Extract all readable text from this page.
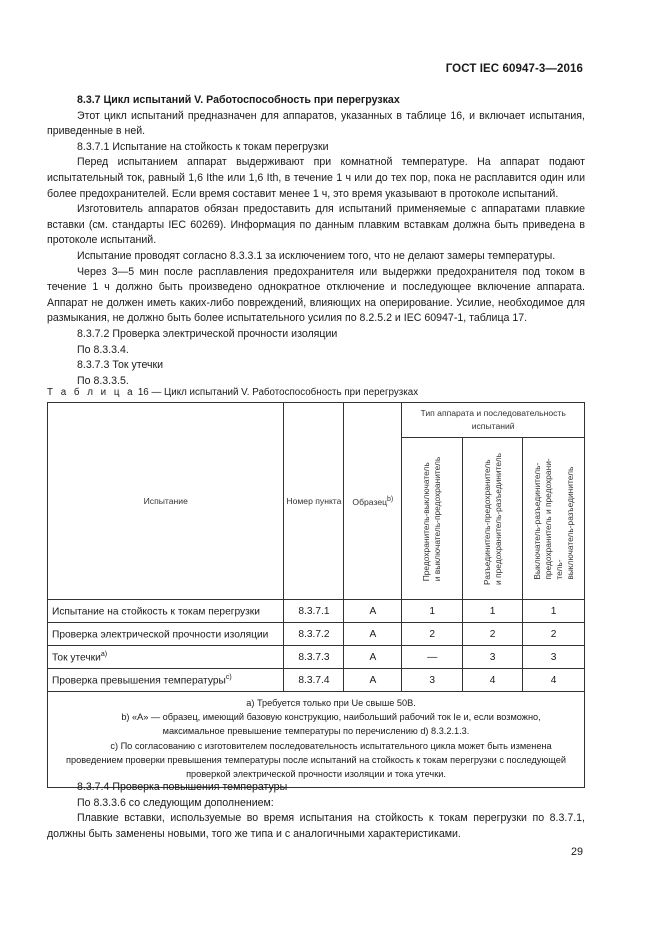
ГОСТ IEC 60947-3—2016

8.3.7 Цикл испытаний V. Работоспособность при перегрузках

Этот цикл испытаний предназначен для аппаратов, указанных в таблице 16, и включает испытания, приведенные в ней.

8.3.7.1 Испытание на стойкость к токам перегрузки

Перед испытанием аппарат выдерживают при комнатной температуре. На аппарат подают испытательный ток, равный 1,6 Ithe или 1,6 Ith, в течение 1 ч или до тех пор, пока не расплавится один или более предохранителей. Если время составит менее 1 ч, это время указывают в протоколе испытаний.

Изготовитель аппаратов обязан предоставить для испытаний применяемые с аппаратами плавкие вставки (см. стандарты IEC 60269). Информация по данным плавким вставкам должна быть приведена в протоколе испытаний.

Испытание проводят согласно 8.3.3.1 за исключением того, что не делают замеры температуры.

Через 3—5 мин после расплавления предохранителя или выдержки предохранителя под током в течение 1 ч должно быть произведено однократное отключение и последующее включение аппарата. Аппарат не должен иметь каких-либо повреждений, влияющих на оперирование. Усилие, необходимое для размыкания, не должно быть более испытательного усилия по 8.2.5.2 и IEC 60947-1, таблица 17.

8.3.7.2 Проверка электрической прочности изоляции

По 8.3.3.4.

8.3.7.3 Ток утечки

По 8.3.3.5.

Т а б л и ц а 16 — Цикл испытаний V. Работоспособность при перегрузках
Испытание	Номер пункта	Образец$^{b)}$	Тип аппарата и последовательность испытаний		

			Предохранитель-выключатель
и выключатель-предохранитель	Разъединитель-предохранитель
и предохранитель-разъединитель	Выключатель-разъединитель-
предохранитель и предохрани-
тель-
выключатель-разъединитель

Испытание на стойкость к токам перегрузки	8.3.7.1	A	1	1	1
Проверка электрической прочности изоляции	8.3.7.2	A	2	2	2
Ток утечки$^{a)}$	8.3.7.3	A	—	3	3
Проверка превышения температуры$^{c)}$	8.3.7.4	A	3	4	4

a) Требуется только при Ue свыше 50В.

b) «А» — образец, имеющий базовую конструкцию, наибольший рабочий ток Ie и, если возможно, максимальное превышение температуры по перечислению d) 8.3.2.1.3.

c) По согласованию с изготовителем последовательность испытательного цикла может быть изменена проведением проверки превышения температуры после испытаний на стойкость к токам перегрузки с последующей проверкой электрической прочности изоляции и тока утечки.					

8.3.7.4 Проверка повышения температуры

По 8.3.3.6 со следующим дополнением:

Плавкие вставки, используемые во время испытания на стойкость к токам перегрузки по 8.3.7.1, должны быть заменены новыми, того же типа и с аналогичными характеристиками.

29
